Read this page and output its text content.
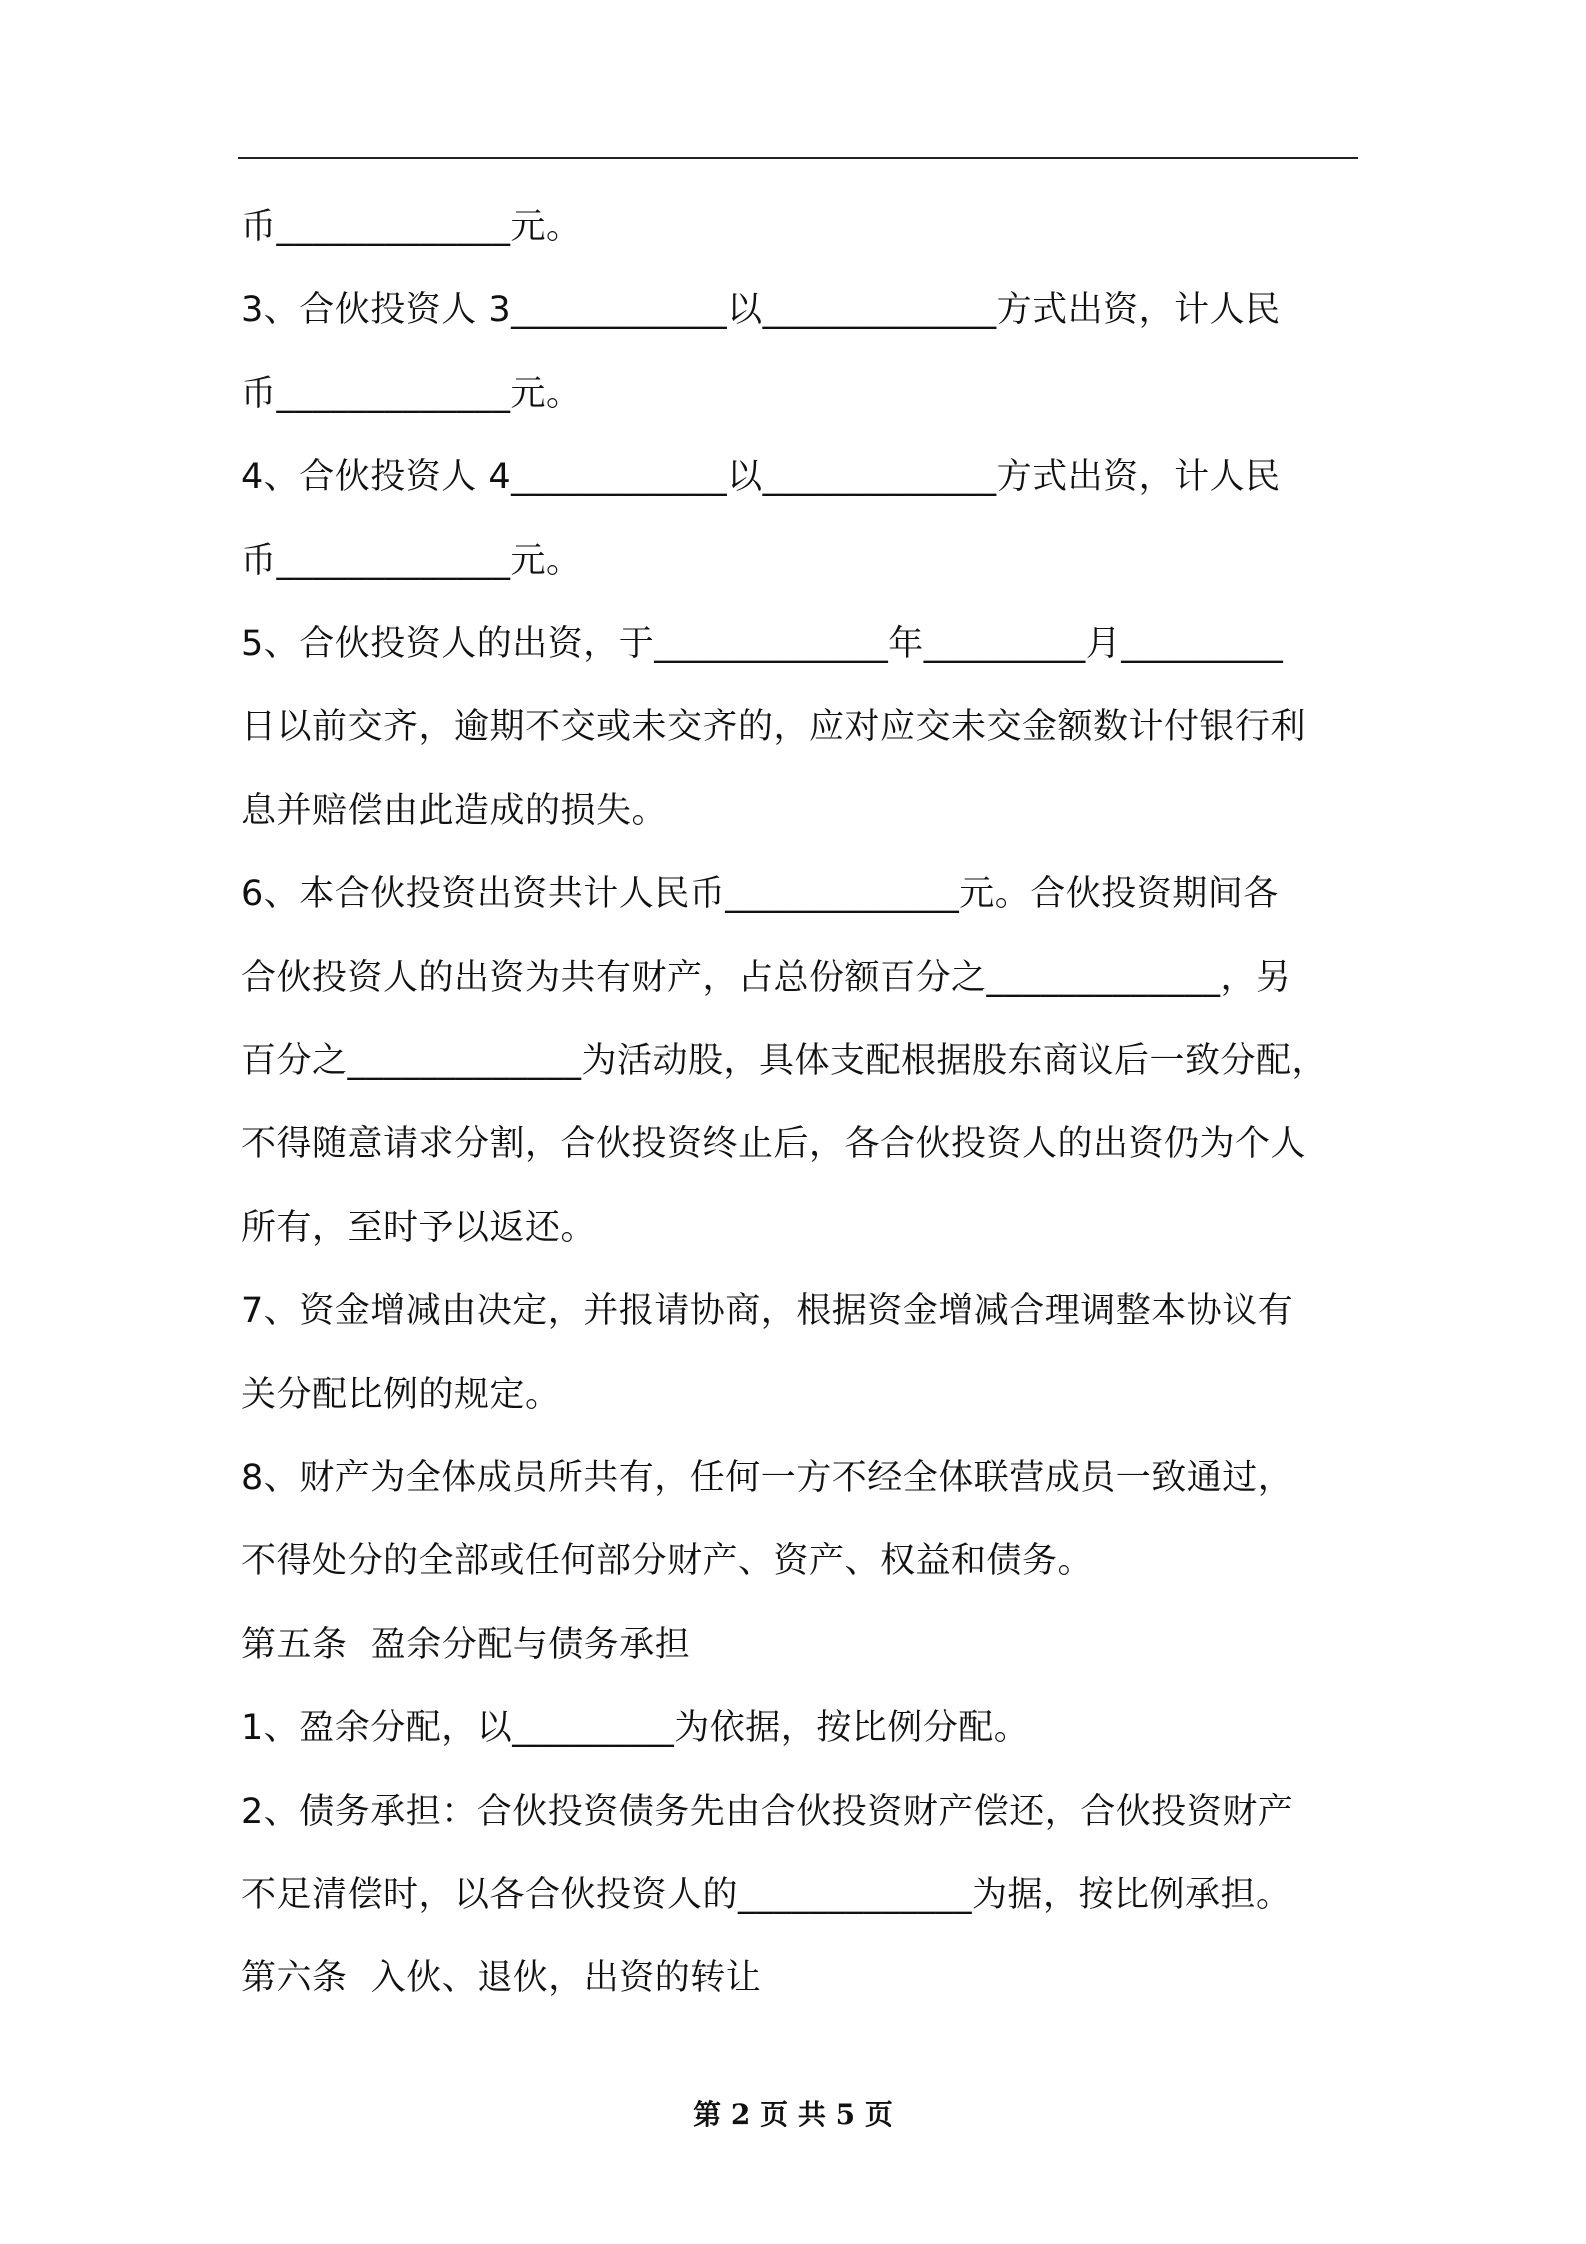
币_____________元。
3、合伙投资人 3____________以_____________方式出资，计人民
币_____________元。
4、合伙投资人 4____________以_____________方式出资，计人民
币_____________元。
5、合伙投资人的出资，于_____________年_________月_________
日以前交齐，逾期不交或未交齐的，应对应交未交金额数计付银行利
息并赔偿由此造成的损失。
6、本合伙投资出资共计人民币_____________元。合伙投资期间各
合伙投资人的出资为共有财产，占总份额百分之_____________，另
百分之_____________为活动股，具体支配根据股东商议后一致分配，
不得随意请求分割，合伙投资终止后，各合伙投资人的出资仍为个人
所有，至时予以返还。
7、资金增减由决定，并报请协商，根据资金增减合理调整本协议有
关分配比例的规定。
8、财产为全体成员所共有，任何一方不经全体联营成员一致通过，
不得处分的全部或任何部分财产、资产、权益和债务。
第五条  盈余分配与债务承担
1、盈余分配，以_________为依据，按比例分配。
2、债务承担：合伙投资债务先由合伙投资财产偿还，合伙投资财产
不足清偿时，以各合伙投资人的_____________为据，按比例承担。
第六条  入伙、退伙，出资的转让
第 2 页 共 5 页
